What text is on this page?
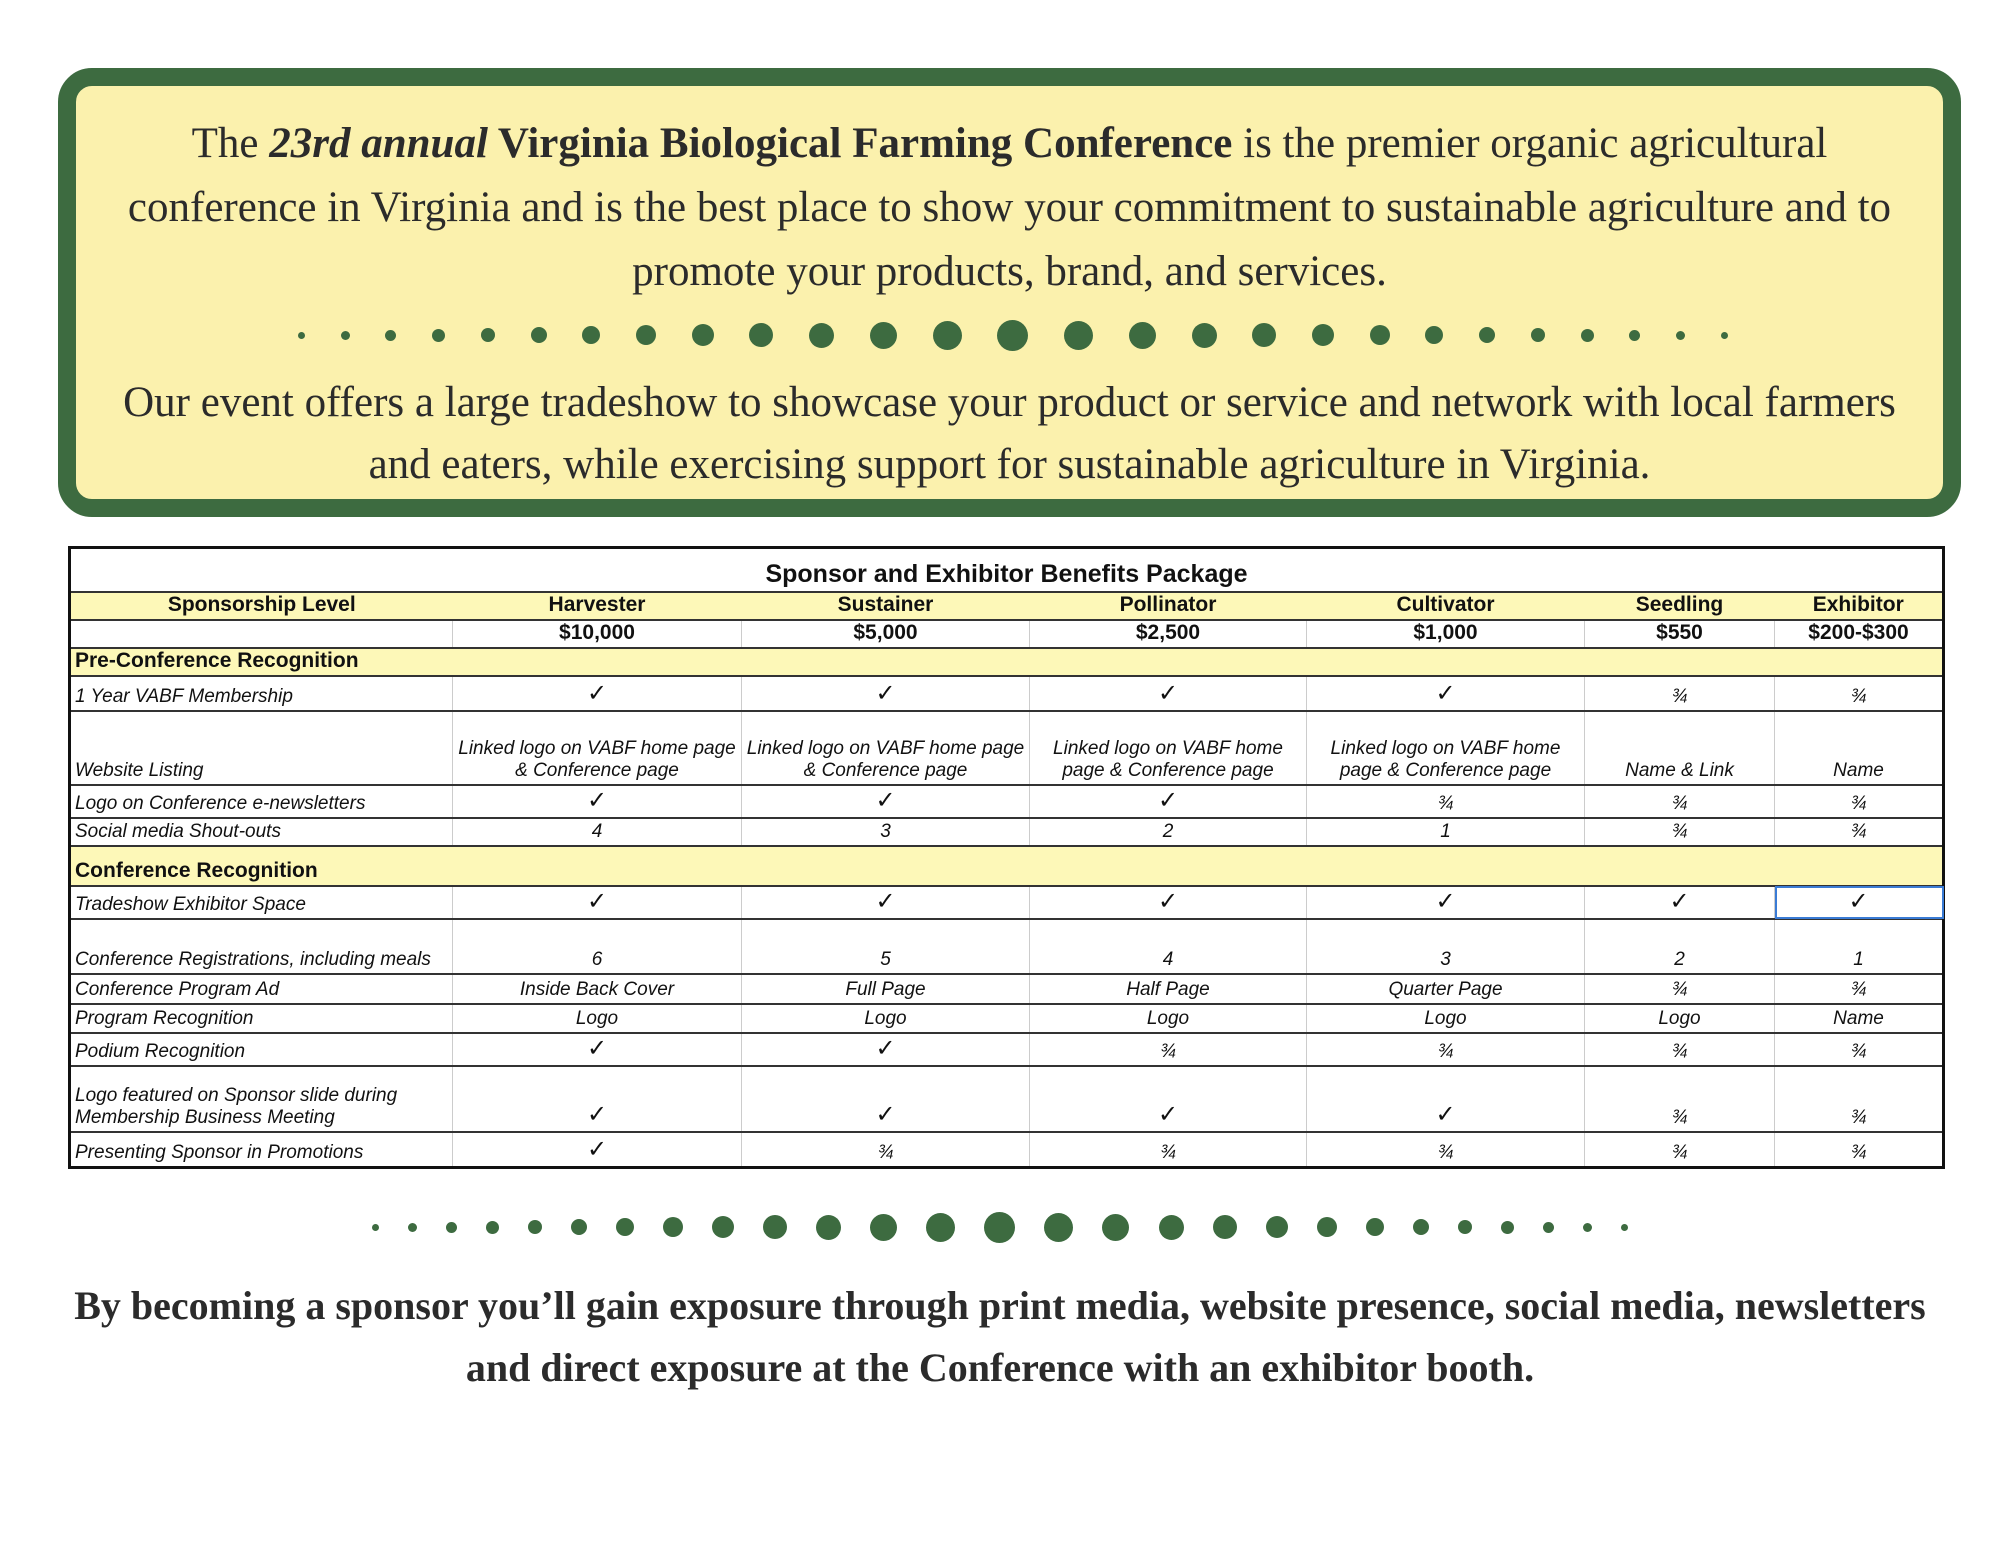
The 23rd annual Virginia Biological Farming Conference is the premier organic agricultural conference in Virginia and is the best place to show your commitment to sustainable agriculture and to promote your products, brand, and services.

Our event offers a large tradeshow to showcase your product or service and network with local farmers and eaters, while exercising support for sustainable agriculture in Virginia.

Sponsor and Exhibitor Benefits Package						
Sponsorship Level	Harvester	Sustainer	Pollinator	Cultivator	Seedling	Exhibitor
	$10,000	$5,000	$2,500	$1,000	$550	$200-$300
Pre-Conference Recognition						
1 Year VABF Membership	✓	✓	✓	✓	¾	¾
Website Listing	Linked logo on VABF home page & Conference page	Linked logo on VABF home page & Conference page	Linked logo on VABF home page & Conference page	Linked logo on VABF home page & Conference page	Name & Link	Name
Logo on Conference e-newsletters	✓	✓	✓	¾	¾	¾
Social media Shout-outs	4	3	2	1	¾	¾
Conference Recognition						
Tradeshow Exhibitor Space	✓	✓	✓	✓	✓	✓
Conference Registrations, including meals	6	5	4	3	2	1
Conference Program Ad	Inside Back Cover	Full Page	Half Page	Quarter Page	¾	¾
Program Recognition	Logo	Logo	Logo	Logo	Logo	Name
Podium Recognition	✓	✓	¾	¾	¾	¾
Logo featured on Sponsor slide during Membership Business Meeting	✓	✓	✓	✓	¾	¾
Presenting Sponsor in Promotions	✓	¾	¾	¾	¾	¾

By becoming a sponsor you’ll gain exposure through print media, website presence, social media, newsletters and direct exposure at the Conference with an exhibitor booth.
